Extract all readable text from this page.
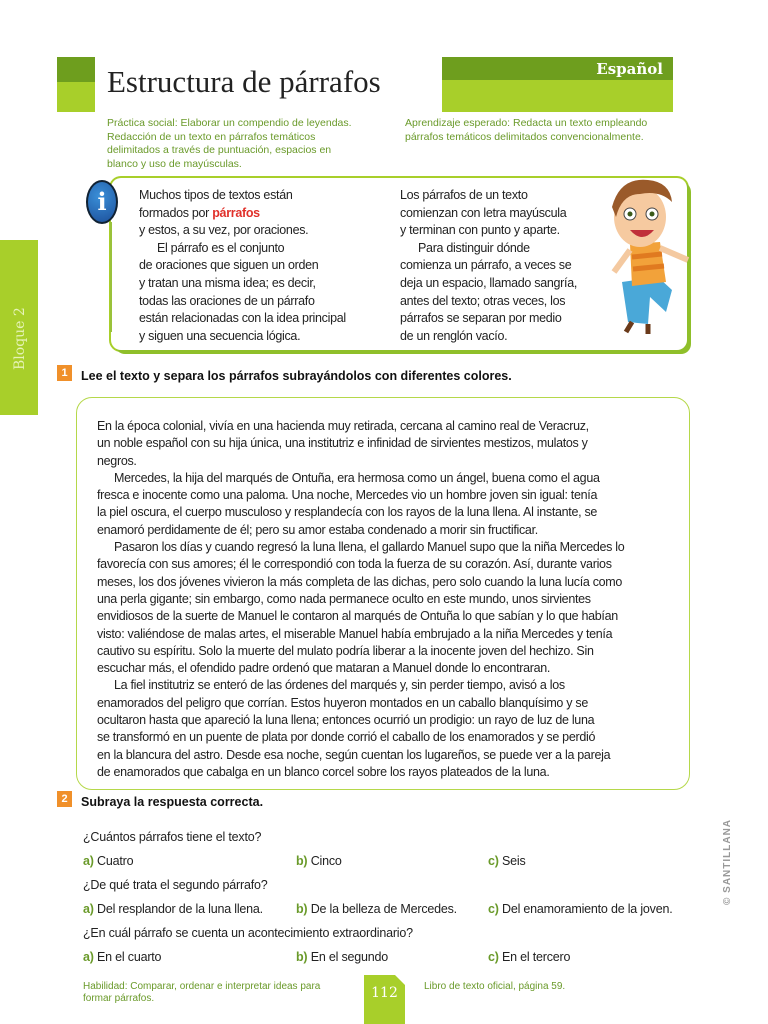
Español
Estructura de párrafos
Práctica social: Elaborar un compendio de leyendas.
Redacción de un texto en párrafos temáticos
delimitados a través de puntuación, espacios en
blanco y uso de mayúsculas.
Aprendizaje esperado: Redacta un texto empleando
párrafos temáticos delimitados convencionalmente.
Bloque 2
i	Muchos tipos de textos están
formados por párrafos
y estos, a su vez, por oraciones.
El párrafo es el conjunto
de oraciones que siguen un orden
y tratan una misma idea; es decir,
todas las oraciones de un párrafo
están relacionadas con la idea principal
y siguen una secuencia lógica.
Los párrafos de un texto
comienzan con letra mayúscula
y terminan con punto y aparte.
Para distinguir dónde
comienza un párrafo, a veces se
deja un espacio, llamado sangría,
antes del texto; otras veces, los
párrafos se separan por medio
de un renglón vacío.
1	Lee el texto y separa los párrafos subrayándolos con diferentes colores.
En la época colonial, vivía en una hacienda muy retirada, cercana al camino real de Veracruz,
un noble español con su hija única, una institutriz e infinidad de sirvientes mestizos, mulatos y
negros.
Mercedes, la hija del marqués de Ontuña, era hermosa como un ángel, buena como el agua
fresca e inocente como una paloma. Una noche, Mercedes vio un hombre joven sin igual: tenía
la piel oscura, el cuerpo musculoso y resplandecía con los rayos de la luna llena. Al instante, se
enamoró perdidamente de él; pero su amor estaba condenado a morir sin fructificar.
Pasaron los días y cuando regresó la luna llena, el gallardo Manuel supo que la niña Mercedes lo
favorecía con sus amores; él le correspondió con toda la fuerza de su corazón. Así, durante varios
meses, los dos jóvenes vivieron la más completa de las dichas, pero solo cuando la luna lucía como
una perla gigante; sin embargo, como nada permanece oculto en este mundo, unos sirvientes
envidiosos de la suerte de Manuel le contaron al marqués de Ontuña lo que sabían y lo que habían
visto: valiéndose de malas artes, el miserable Manuel había embrujado a la niña Mercedes y tenía
cautivo su espíritu. Solo la muerte del mulato podría liberar a la inocente joven del hechizo. Sin
escuchar más, el ofendido padre ordenó que mataran a Manuel donde lo encontraran.
La fiel institutriz se enteró de las órdenes del marqués y, sin perder tiempo, avisó a los
enamorados del peligro que corrían. Estos huyeron montados en un caballo blanquísimo y se
ocultaron hasta que apareció la luna llena; entonces ocurrió un prodigio: un rayo de luz de luna
se transformó en un puente de plata por donde corrió el caballo de los enamorados y se perdió
en la blancura del astro. Desde esa noche, según cuentan los lugareños, se puede ver a la pareja
de enamorados que cabalga en un blanco corcel sobre los rayos plateados de la luna.
2	Subraya la respuesta correcta.
¿Cuántos párrafos tiene el texto?
a) Cuatro	b) Cinco	c) Seis
¿De qué trata el segundo párrafo?
a) Del resplandor de la luna llena.	b) De la belleza de Mercedes. c) Del enamoramiento de la joven.
¿En cuál párrafo se cuenta un acontecimiento extraordinario?
a) En el cuarto	b) En el segundo	c) En el tercero
112
Habilidad: Comparar, ordenar e interpretar ideas para
formar párrafos.
Libro de texto oficial, página 59.
© SANTILLANA
